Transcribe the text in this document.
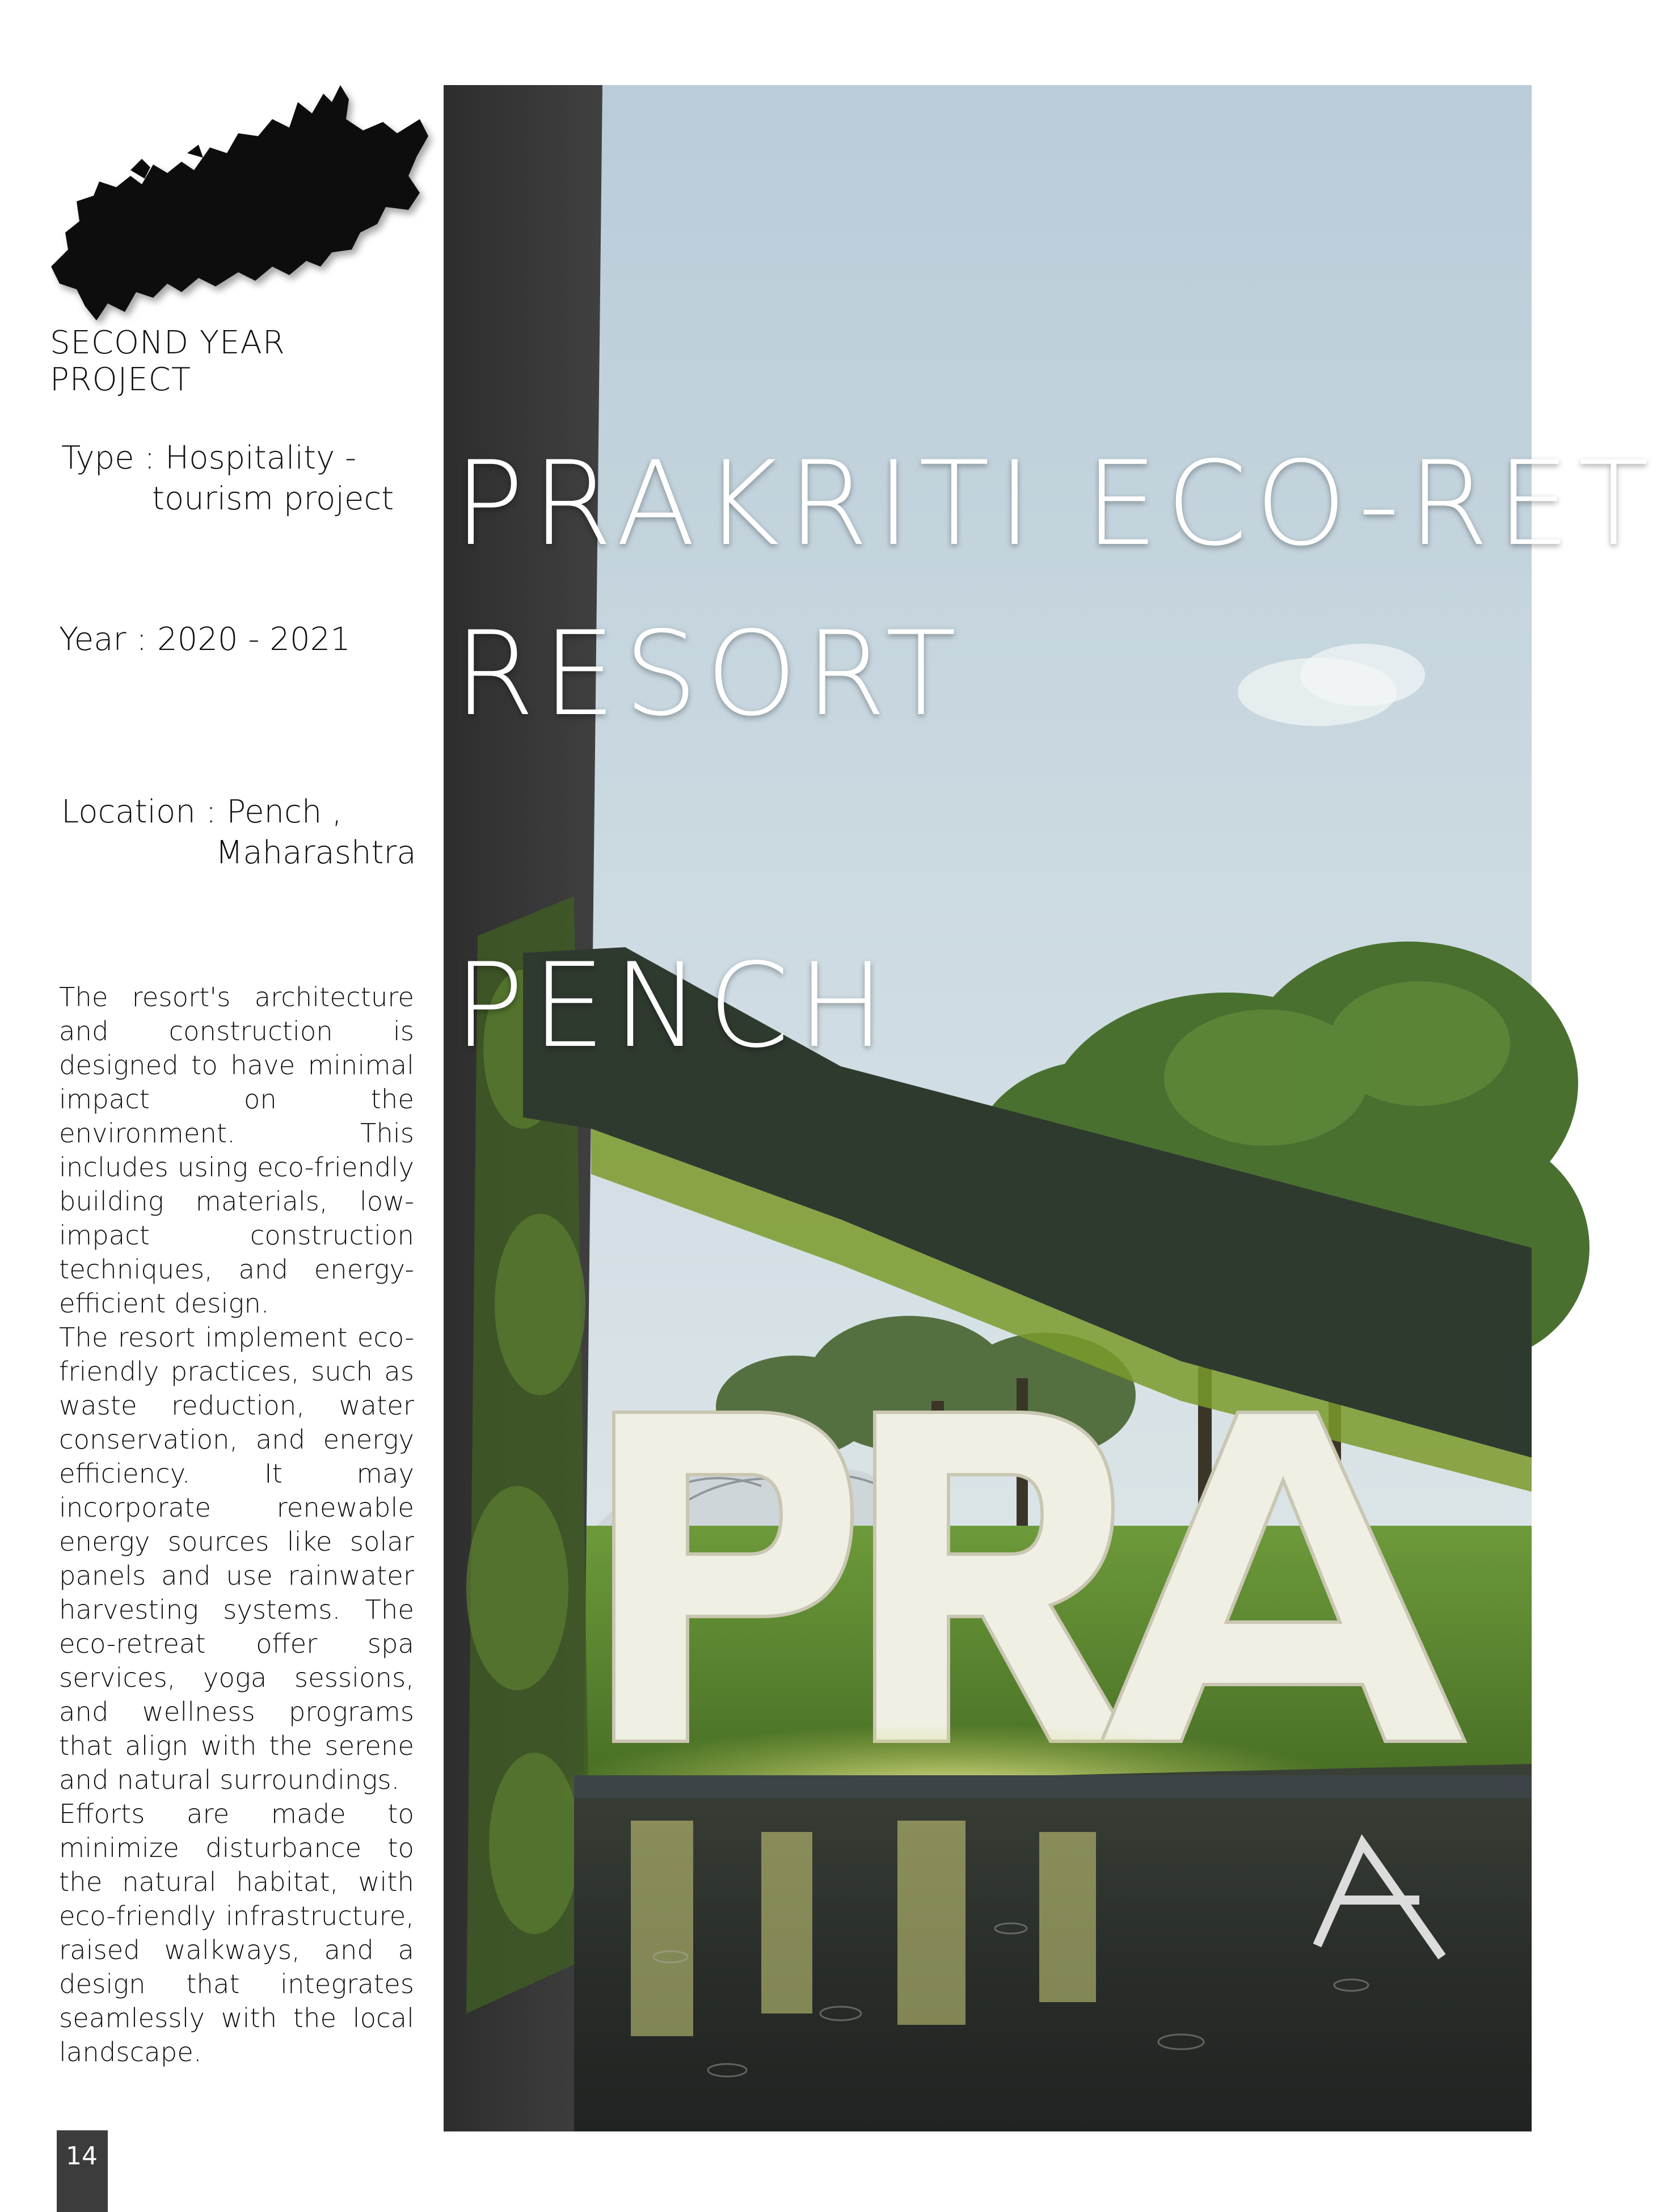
SECOND YEAR PROJECT
Type : Hospitality -
tourism project
Year : 2020 - 2021
Location : Pench ,
Maharashtra

The resort's architecture and construction is designed to have minimal impact on the environment. This includes using eco-friendly building materials, low-impact construction techniques, and energy-efficient design.

The resort implement eco-friendly practices, such as waste reduction, water conservation, and energy efficiency. It may incorporate renewable energy sources like solar panels and use rainwater harvesting systems. The eco-retreat offer spa services, yoga sessions, and wellness programs that align with the serene and natural surroundings.

Efforts are made to minimize disturbance to the natural habitat, with eco-friendly infrastructure, raised walkways, and a design that integrates seamlessly with the local landscape.

PRAKRITI ECO-RET
RESORT
PENCH
14
